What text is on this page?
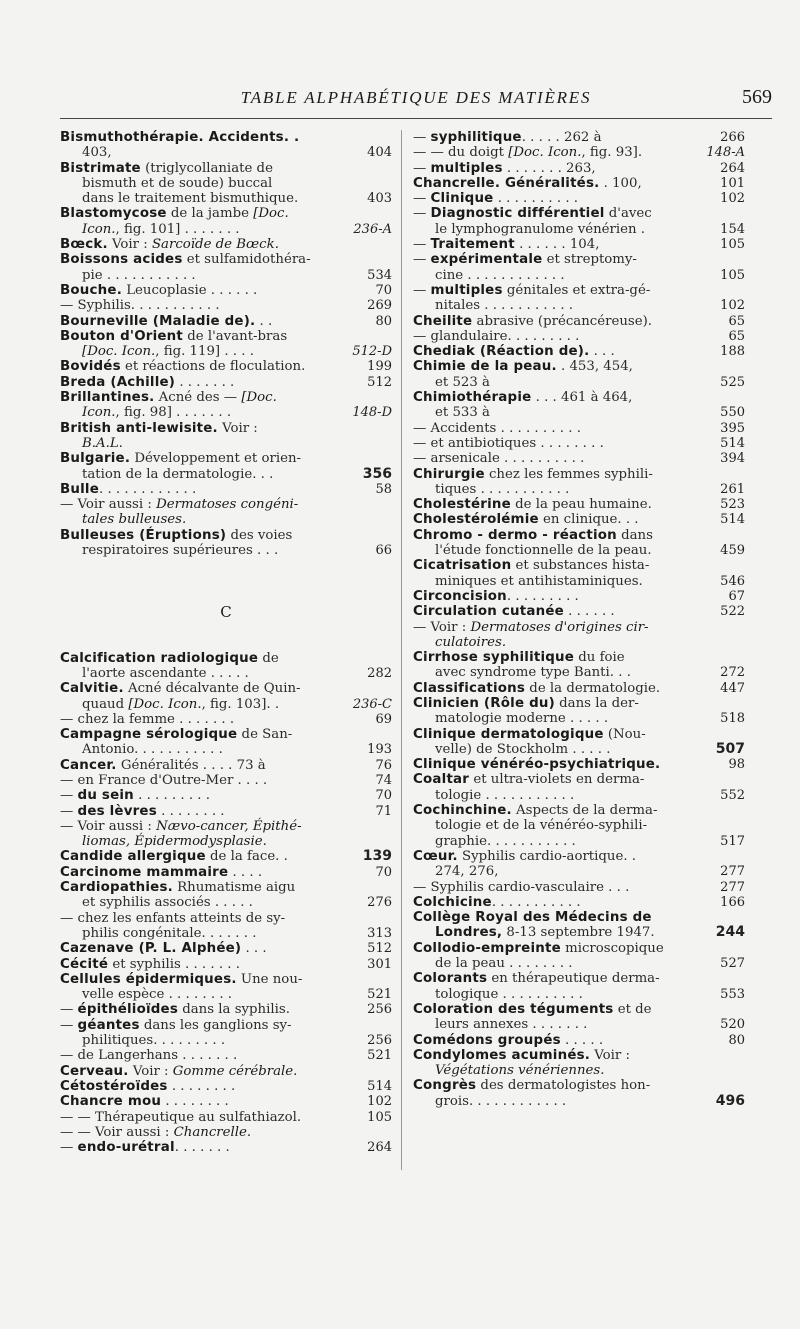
TABLE ALPHABÉTIQUE DES MATIÈRES	569
Bismuthothérapie. Accidents. .
403,	404
Bistrimate (triglycollaniate de
bismuth et de soude) buccal
dans le traitement bismuthique.	403
Blastomycose de la jambe [Doc.
Icon., fig. 101] . . . . . . .	236-A
Bœck. Voir : Sarcoïde de Bœck.
Boissons acides et sulfamidothéra-
pie . . . . . . . . . . .	534
Bouche. Leucoplasie . . . . . .	70
— Syphilis. . . . . . . . . . .	269
Bourneville (Maladie de). . .	80
Bouton d'Orient de l'avant-bras
[Doc. Icon., fig. 119] . . . .	512-D
Bovidés et réactions de floculation.	199
Breda (Achille) . . . . . . .	512
Brillantines. Acné des — [Doc.
Icon., fig. 98] . . . . . . .	148-D
British anti-lewisite. Voir :
B.A.L.
Bulgarie. Développement et orien-
tation de la dermatologie. . .	356
Bulle. . . . . . . . . . . .	58
— Voir aussi : Dermatoses congéni-
tales bulleuses.
Bulleuses (Éruptions) des voies
respiratoires supérieures . . .	66
C
Calcification radiologique de
l'aorte ascendante . . . . .	282
Calvitie. Acné décalvante de Quin-
quaud [Doc. Icon., fig. 103]. .	236-C
— chez la femme . . . . . . .	69
Campagne sérologique de San-
Antonio. . . . . . . . . . .	193
Cancer. Généralités . . . . 73 à	76
— en France d'Outre-Mer . . . .	74
— du sein . . . . . . . . .	70
— des lèvres . . . . . . . .	71
— Voir aussi : Nævo-cancer, Épithé-
liomas, Épidermodysplasie.
Candide allergique de la face. .	139
Carcinome mammaire . . . .	70
Cardiopathies. Rhumatisme aigu
et syphilis associés . . . . .	276
— chez les enfants atteints de sy-
philis congénitale. . . . . . .	313
Cazenave (P. L. Alphée) . . .	512
Cécité et syphilis . . . . . . .	301
Cellules épidermiques. Une nou-
velle espèce . . . . . . . .	521
— épithélioïdes dans la syphilis.	256
— géantes dans les ganglions sy-
philitiques. . . . . . . . .	256
— de Langerhans . . . . . . .	521
Cerveau. Voir : Gomme cérébrale.
Cétostéroïdes . . . . . . . .	514
Chancre mou . . . . . . . .	102
— — Thérapeutique au sulfathiazol.	105
— — Voir aussi : Chancrelle.
— endo-urétral. . . . . . .	264
— syphilitique. . . . . 262 à	266
— — du doigt [Doc. Icon., fig. 93].	148-A
— multiples . . . . . . . 263,	264
Chancrelle. Généralités. . 100,	101
— Clinique . . . . . . . . . .	102
— Diagnostic différentiel d'avec
le lymphogranulome vénérien .	154
— Traitement . . . . . . 104,	105
— expérimentale et streptomy-
cine . . . . . . . . . . . .	105
— multiples génitales et extra-gé-
nitales . . . . . . . . . . .	102
Cheilite abrasive (précancéreuse).	65
— glandulaire. . . . . . . . .	65
Chediak (Réaction de). . . .	188
Chimie de la peau. . 453, 454,
et 523 à	525
Chimiothérapie . . . 461 à 464,
et 533 à	550
— Accidents . . . . . . . . . .	395
— et antibiotiques . . . . . . . .	514
— arsenicale . . . . . . . . . .	394
Chirurgie chez les femmes syphili-
tiques . . . . . . . . . . .	261
Cholestérine de la peau humaine.	523
Cholestérolémie en clinique. . .	514
Chromo - dermo - réaction dans
l'étude fonctionnelle de la peau.	459
Cicatrisation et substances hista-
miniques et antihistaminiques.	546
Circoncision. . . . . . . . .	67
Circulation cutanée . . . . . .	522
— Voir : Dermatoses d'origines cir-
culatoires.
Cirrhose syphilitique du foie
avec syndrome type Banti. . .	272
Classifications de la dermatologie.	447
Clinicien (Rôle du) dans la der-
matologie moderne . . . . .	518
Clinique dermatologique (Nou-
velle) de Stockholm . . . . .	507
Clinique vénéréo-psychiatrique.	98
Coaltar et ultra-violets en derma-
tologie . . . . . . . . . . .	552
Cochinchine. Aspects de la derma-
tologie et de la vénéréo-syphili-
graphie. . . . . . . . . . .	517
Cœur. Syphilis cardio-aortique. .
274, 276,	277
— Syphilis cardio-vasculaire . . .	277
Colchicine. . . . . . . . . . .	166
Collège Royal des Médecins de
Londres, 8-13 septembre 1947.	244
Collodio-empreinte microscopique
de la peau . . . . . . . .	527
Colorants en thérapeutique derma-
tologique . . . . . . . . . .	553
Coloration des téguments et de
leurs annexes . . . . . . .	520
Comédons groupés . . . . .	80
Condylomes acuminés. Voir :
Végétations vénériennes.
Congrès des dermatologistes hon-
grois. . . . . . . . . . . .	496
